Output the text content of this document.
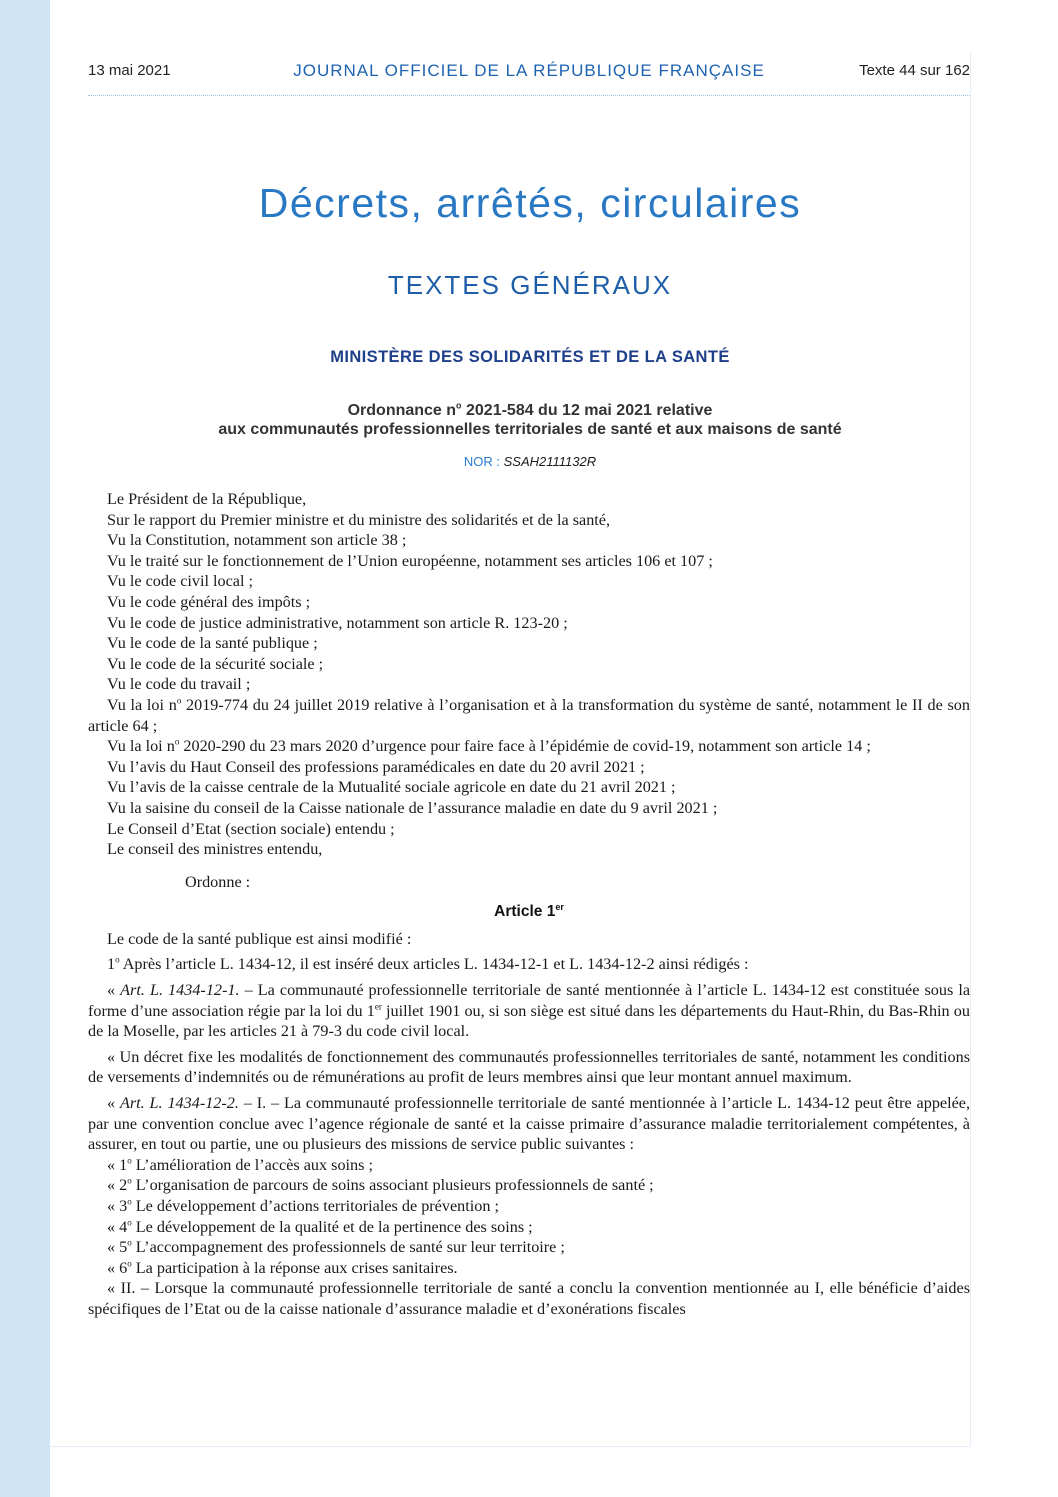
13 mai 2021	JOURNAL OFFICIEL DE LA RÉPUBLIQUE FRANÇAISE	Texte 44 sur 162
Décrets, arrêtés, circulaires
TEXTES GÉNÉRAUX
MINISTÈRE DES SOLIDARITÉS ET DE LA SANTÉ
Ordonnance $n^o$ 2021-584 du 12 mai 2021 relative
aux communautés professionnelles territoriales de santé et aux maisons de santé
NOR : SSAH2111132R

Le Président de la République,

Sur le rapport du Premier ministre et du ministre des solidarités et de la santé,

Vu la Constitution, notamment son article 38 ;

Vu le traité sur le fonctionnement de l’Union européenne, notamment ses articles 106 et 107 ;

Vu le code civil local ;

Vu le code général des impôts ;

Vu le code de justice administrative, notamment son article R. 123-20 ;

Vu le code de la santé publique ;

Vu le code de la sécurité sociale ;

Vu le code du travail ;

Vu la loi $n^o$ 2019-774 du 24 juillet 2019 relative à l’organisation et à la transformation du système de santé, notamment le II de son article 64 ;

Vu la loi $n^o$ 2020-290 du 23 mars 2020 d’urgence pour faire face à l’épidémie de covid-19, notamment son article 14 ;

Vu l’avis du Haut Conseil des professions paramédicales en date du 20 avril 2021 ;

Vu l’avis de la caisse centrale de la Mutualité sociale agricole en date du 21 avril 2021 ;

Vu la saisine du conseil de la Caisse nationale de l’assurance maladie en date du 9 avril 2021 ;

Le Conseil d’Etat (section sociale) entendu ;

Le conseil des ministres entendu,

Ordonne :

Article 1er

Le code de la santé publique est ainsi modifié :

1$^o$ Après l’article L. 1434-12, il est inséré deux articles L. 1434-12-1 et L. 1434-12-2 ainsi rédigés :

« Art. L. 1434-12-1. – La communauté professionnelle territoriale de santé mentionnée à l’article L. 1434-12 est constituée sous la forme d’une association régie par la loi du 1er juillet 1901 ou, si son siège est situé dans les départements du Haut-Rhin, du Bas-Rhin ou de la Moselle, par les articles 21 à 79-3 du code civil local.

« Un décret fixe les modalités de fonctionnement des communautés professionnelles territoriales de santé, notamment les conditions de versements d’indemnités ou de rémunérations au profit de leurs membres ainsi que leur montant annuel maximum.

« Art. L. 1434-12-2. – I. – La communauté professionnelle territoriale de santé mentionnée à l’article L. 1434-12 peut être appelée, par une convention conclue avec l’agence régionale de santé et la caisse primaire d’assurance maladie territorialement compétentes, à assurer, en tout ou partie, une ou plusieurs des missions de service public suivantes :

« 1$^o$ L’amélioration de l’accès aux soins ;

« 2$^o$ L’organisation de parcours de soins associant plusieurs professionnels de santé ;

« 3$^o$ Le développement d’actions territoriales de prévention ;

« 4$^o$ Le développement de la qualité et de la pertinence des soins ;

« 5$^o$ L’accompagnement des professionnels de santé sur leur territoire ;

« 6$^o$ La participation à la réponse aux crises sanitaires.

« II. – Lorsque la communauté professionnelle territoriale de santé a conclu la convention mentionnée au I, elle bénéficie d’aides spécifiques de l’Etat ou de la caisse nationale d’assurance maladie et d’exonérations fiscales
